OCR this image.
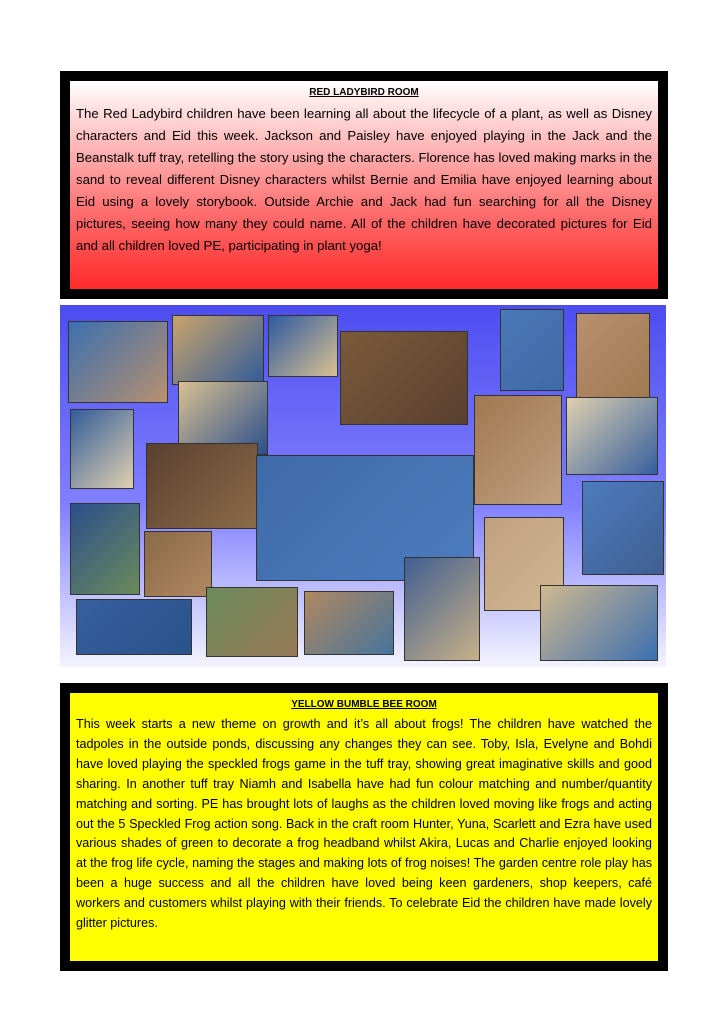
RED LADYBIRD ROOM
The Red Ladybird children have been learning all about the lifecycle of a plant, as well as Disney characters and Eid this week. Jackson and Paisley have enjoyed playing in the Jack and the Beanstalk tuff tray, retelling the story using the characters. Florence has loved making marks in the sand to reveal different Disney characters whilst Bernie and Emilia have enjoyed learning about Eid using a lovely storybook. Outside Archie and Jack had fun searching for all the Disney pictures, seeing how many they could name. All of the children have decorated pictures for Eid and all children loved PE, participating in plant yoga!
YELLOW BUMBLE BEE ROOM
This week starts a new theme on growth and it’s all about frogs! The children have watched the tadpoles in the outside ponds, discussing any changes they can see. Toby, Isla, Evelyne and Bohdi have loved playing the speckled frogs game in the tuff tray, showing great imaginative skills and good sharing. In another tuff tray Niamh and Isabella have had fun colour matching and number/quantity matching and sorting. PE has brought lots of laughs as the children loved moving like frogs and acting out the 5 Speckled Frog action song. Back in the craft room Hunter, Yuna, Scarlett and Ezra have used various shades of green to decorate a frog headband whilst Akira, Lucas and Charlie enjoyed looking at the frog life cycle, naming the stages and making lots of frog noises! The garden centre role play has been a huge success and all the children have loved being keen gardeners, shop keepers, café workers and customers whilst playing with their friends. To celebrate Eid the children have made lovely glitter pictures.
